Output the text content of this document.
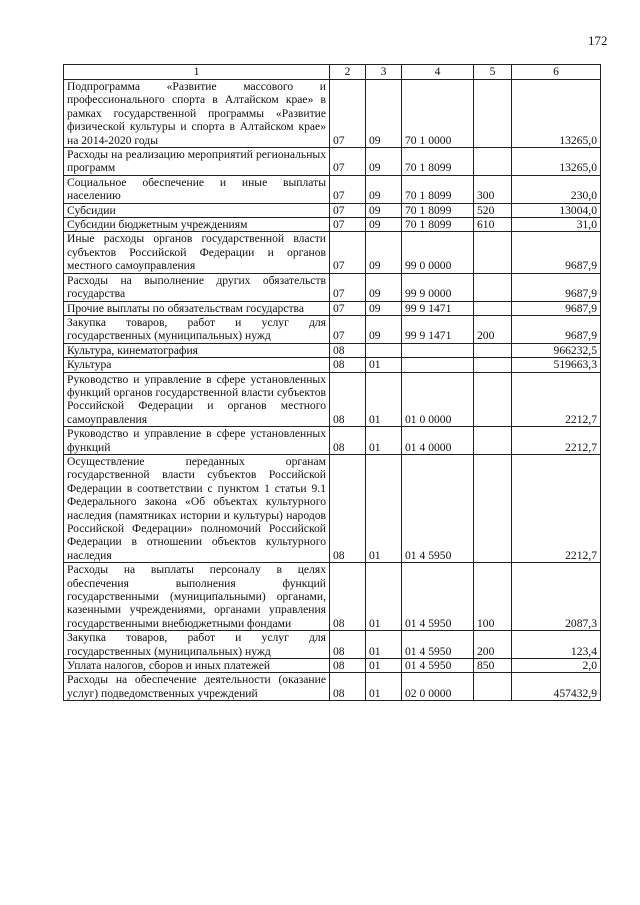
172
1	2	3	4	5	6
Подпрограмма «Развитие массового и профессионального спорта в Алтайском крае» в рамках государственной программы «Развитие физической культуры и спорта в Алтайском крае» на 2014-2020 годы	07	09	70 1 0000		13265,0
Расходы на реализацию мероприятий региональных программ	07	09	70 1 8099		13265,0
Социальное обеспечение и иные выплаты населению	07	09	70 1 8099	300	230,0
Субсидии	07	09	70 1 8099	520	13004,0
Субсидии бюджетным учреждениям	07	09	70 1 8099	610	31,0
Иные расходы органов государственной власти субъектов Российской Федерации и органов местного самоуправления	07	09	99 0 0000		9687,9
Расходы на выполнение других обязательств государства	07	09	99 9 0000		9687,9
Прочие выплаты по обязательствам государства	07	09	99 9 1471		9687,9
Закупка товаров, работ и услуг для государственных (муниципальных) нужд	07	09	99 9 1471	200	9687,9
Культура, кинематография	08				966232,5
Культура	08	01			519663,3
Руководство и управление в сфере установленных функций органов государственной власти субъектов Российской Федерации и органов местного самоуправления	08	01	01 0 0000		2212,7
Руководство и управление в сфере установленных функций	08	01	01 4 0000		2212,7
Осуществление переданных органам государственной власти субъектов Российской Федерации в соответствии с пунктом 1 статьи 9.1 Федерального закона «Об объектах культурного наследия (памятниках истории и культуры) народов Российской Федерации» полномочий Российской Федерации в отношении объектов культурного наследия	08	01	01 4 5950		2212,7
Расходы на выплаты персоналу в целях обеспечения выполнения функций государственными (муниципальными) органами, казенными учреждениями, органами управления государственными внебюджетными фондами	08	01	01 4 5950	100	2087,3
Закупка товаров, работ и услуг для государственных (муниципальных) нужд	08	01	01 4 5950	200	123,4
Уплата налогов, сборов и иных платежей	08	01	01 4 5950	850	2,0
Расходы на обеспечение деятельности (оказание услуг) подведомственных учреждений	08	01	02 0 0000		457432,9
